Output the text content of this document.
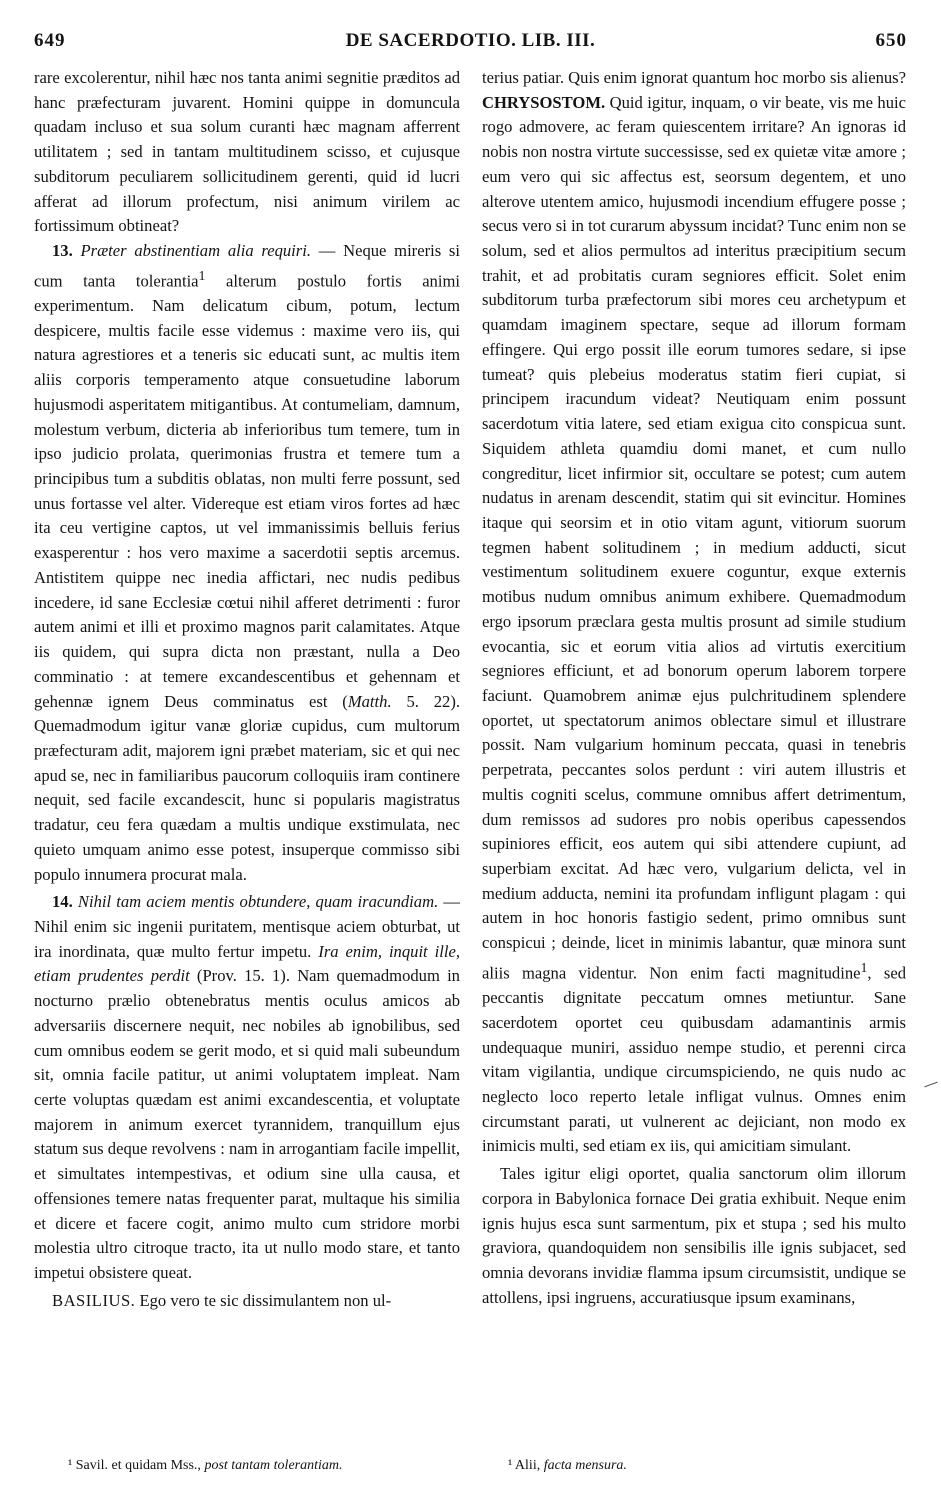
649	DE SACERDOTIO. LIB. III.	650

rare excolerentur, nihil hæc nos tanta animi segnitie præditos ad hanc præfecturam juvarent. Homini quippe in domuncula quadam incluso et sua solum curanti hæc magnam afferrent utilitatem ; sed in tantam multitudinem scisso, et cujusque subditorum peculiarem sollicitudinem gerenti, quid id lucri afferat ad illorum profectum, nisi animum virilem ac fortissimum obtineat?

13. Præter abstinentiam alia requiri. — Neque mireris si cum tanta tolerantia$^1$ alterum postulo fortis animi experimentum. Nam delicatum cibum, potum, lectum despicere, multis facile esse videmus : maxime vero iis, qui natura agrestiores et a teneris sic educati sunt, ac multis item aliis corporis temperamento atque consuetudine laborum hujusmodi asperitatem mitigantibus. At contumeliam, damnum, molestum verbum, dicteria ab inferioribus tum temere, tum in ipso judicio prolata, querimonias frustra et temere tum a principibus tum a subditis oblatas, non multi ferre possunt, sed unus fortasse vel alter. Videreque est etiam viros fortes ad hæc ita ceu vertigine captos, ut vel immanissimis belluis ferius exasperentur : hos vero maxime a sacerdotii septis arcemus. Antistitem quippe nec inedia affictari, nec nudis pedibus incedere, id sane Ecclesiæ cœtui nihil afferet detrimenti : furor autem animi et illi et proximo magnos parit calamitates. Atque iis quidem, qui supra dicta non præstant, nulla a Deo comminatio : at temere excandescentibus et gehennam et gehennæ ignem Deus comminatus est (Matth. 5. 22). Quemadmodum igitur vanæ gloriæ cupidus, cum multorum præfecturam adit, majorem igni præbet materiam, sic et qui nec apud se, nec in familiaribus paucorum colloquiis iram continere nequit, sed facile excandescit, hunc si popularis magistratus tradatur, ceu fera quædam a multis undique exstimulata, nec quieto umquam animo esse potest, insuperque commisso sibi populo innumera procurat mala.

14. Nihil tam aciem mentis obtundere, quam iracundiam. — Nihil enim sic ingenii puritatem, mentisque aciem obturbat, ut ira inordinata, quæ multo fertur impetu. Ira enim, inquit ille, etiam prudentes perdit (Prov. 15. 1). Nam quemadmodum in nocturno prælio obtenebratus mentis oculus amicos ab adversariis discernere nequit, nec nobiles ab ignobilibus, sed cum omnibus eodem se gerit modo, et si quid mali subeundum sit, omnia facile patitur, ut animi voluptatem impleat. Nam certe voluptas quædam est animi excandescentia, et voluptate majorem in animum exercet tyrannidem, tranquillum ejus statum sus deque revolvens : nam in arrogantiam facile impellit, et simultates intempestivas, et odium sine ulla causa, et offensiones temere natas frequenter parat, multaque his similia et dicere et facere cogit, animo multo cum stridore morbi molestia ultro citroque tracto, ita ut nullo modo stare, et tanto impetui obsistere queat.

BASILIUS. Ego vero te sic dissimulantem non ul-

terius patiar. Quis enim ignorat quantum hoc morbo sis alienus? CHRYSOSTOM. Quid igitur, inquam, o vir beate, vis me huic rogo admovere, ac feram quiescentem irritare? An ignoras id nobis non nostra virtute successisse, sed ex quietæ vitæ amore ; eum vero qui sic affectus est, seorsum degentem, et uno alterove utentem amico, hujusmodi incendium effugere posse ; secus vero si in tot curarum abyssum incidat? Tunc enim non se solum, sed et alios permultos ad interitus præcipitium secum trahit, et ad probitatis curam segniores efficit. Solet enim subditorum turba præfectorum sibi mores ceu archetypum et quamdam imaginem spectare, seque ad illorum formam effingere. Qui ergo possit ille eorum tumores sedare, si ipse tumeat? quis plebeius moderatus statim fieri cupiat, si principem iracundum videat? Neutiquam enim possunt sacerdotum vitia latere, sed etiam exigua cito conspicua sunt. Siquidem athleta quamdiu domi manet, et cum nullo congreditur, licet infirmior sit, occultare se potest; cum autem nudatus in arenam descendit, statim qui sit evincitur. Homines itaque qui seorsim et in otio vitam agunt, vitiorum suorum tegmen habent solitudinem ; in medium adducti, sicut vestimentum solitudinem exuere coguntur, exque externis motibus nudum omnibus animum exhibere. Quemadmodum ergo ipsorum præclara gesta multis prosunt ad simile studium evocantia, sic et eorum vitia alios ad virtutis exercitium segniores efficiunt, et ad bonorum operum laborem torpere faciunt. Quamobrem animæ ejus pulchritudinem splendere oportet, ut spectatorum animos oblectare simul et illustrare possit. Nam vulgarium hominum peccata, quasi in tenebris perpetrata, peccantes solos perdunt : viri autem illustris et multis cogniti scelus, commune omnibus affert detrimentum, dum remissos ad sudores pro nobis operibus capessendos supiniores efficit, eos autem qui sibi attendere cupiunt, ad superbiam excitat. Ad hæc vero, vulgarium delicta, vel in medium adducta, nemini ita profundam infligunt plagam : qui autem in hoc honoris fastigio sedent, primo omnibus sunt conspicui ; deinde, licet in minimis labantur, quæ minora sunt aliis magna videntur. Non enim facti magnitudine$^1$, sed peccantis dignitate peccatum omnes metiuntur. Sane sacerdotem oportet ceu quibusdam adamantinis armis undequaque muniri, assiduo nempe studio, et perenni circa vitam vigilantia, undique circumspiciendo, ne quis nudo ac neglecto loco reperto letale infligat vulnus. Omnes enim circumstant parati, ut vulnerent ac dejiciant, non modo ex inimicis multi, sed etiam ex iis, qui amicitiam simulant.

Tales igitur eligi oportet, qualia sanctorum olim illorum corpora in Babylonica fornace Dei gratia exhibuit. Neque enim ignis hujus esca sunt sarmentum, pix et stupa ; sed his multo graviora, quandoquidem non sensibilis ille ignis subjacet, sed omnia devorans invidiæ flamma ipsum circumsistit, undique se attollens, ipsi ingruens, accuratiusque ipsum examinans,

¹ Savil. et quidam Mss., post tantam tolerantiam.	¹ Alii, facta mensura.
